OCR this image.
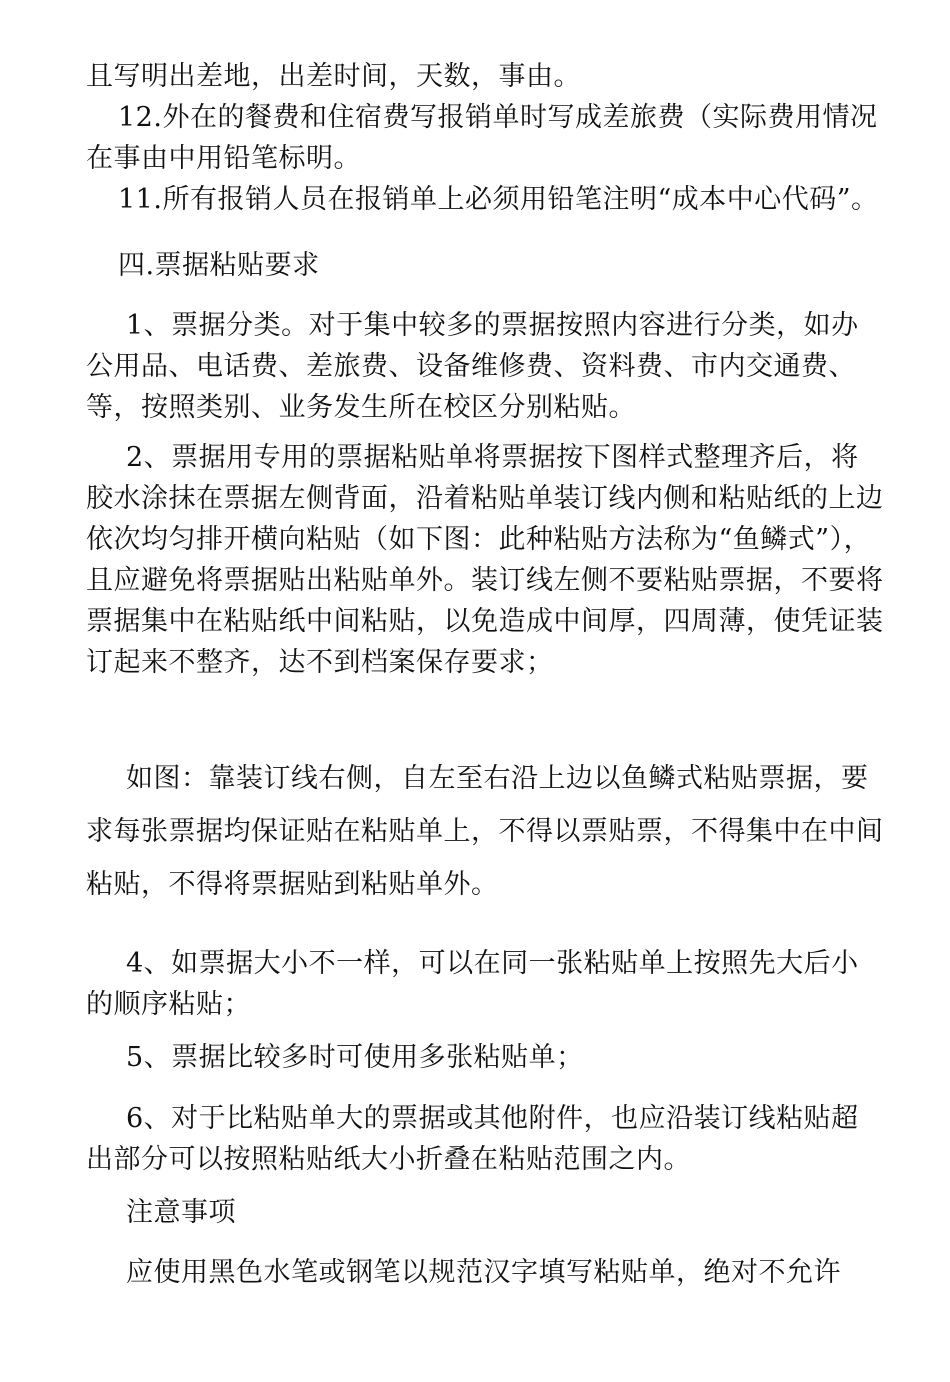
且写明出差地，出差时间，天数，事由。

12.外在的餐费和住宿费写报销单时写成差旅费（实际费用情况在事由中用铅笔标明。

11.所有报销人员在报销单上必须用铅笔注明“成本中心代码”。

四.票据粘贴要求

1、票据分类。对于集中较多的票据按照内容进行分类，如办公用品、电话费、差旅费、设备维修费、资料费、市内交通费、等，按照类别、业务发生所在校区分别粘贴。

2、票据用专用的票据粘贴单将票据按下图样式整理齐后，将胶水涂抹在票据左侧背面，沿着粘贴单装订线内侧和粘贴纸的上边依次均匀排开横向粘贴（如下图：此种粘贴方法称为“鱼鳞式”），且应避免将票据贴出粘贴单外。装订线左侧不要粘贴票据，不要将票据集中在粘贴纸中间粘贴，以免造成中间厚，四周薄，使凭证装订起来不整齐，达不到档案保存要求；

如图：靠装订线右侧，自左至右沿上边以鱼鳞式粘贴票据，要求每张票据均保证贴在粘贴单上，不得以票贴票，不得集中在中间粘贴，不得将票据贴到粘贴单外。

4、如票据大小不一样，可以在同一张粘贴单上按照先大后小的顺序粘贴；

5、票据比较多时可使用多张粘贴单；

6、对于比粘贴单大的票据或其他附件，也应沿装订线粘贴超出部分可以按照粘贴纸大小折叠在粘贴范围之内。

注意事项

应使用黑色水笔或钢笔以规范汉字填写粘贴单，绝对不允许
